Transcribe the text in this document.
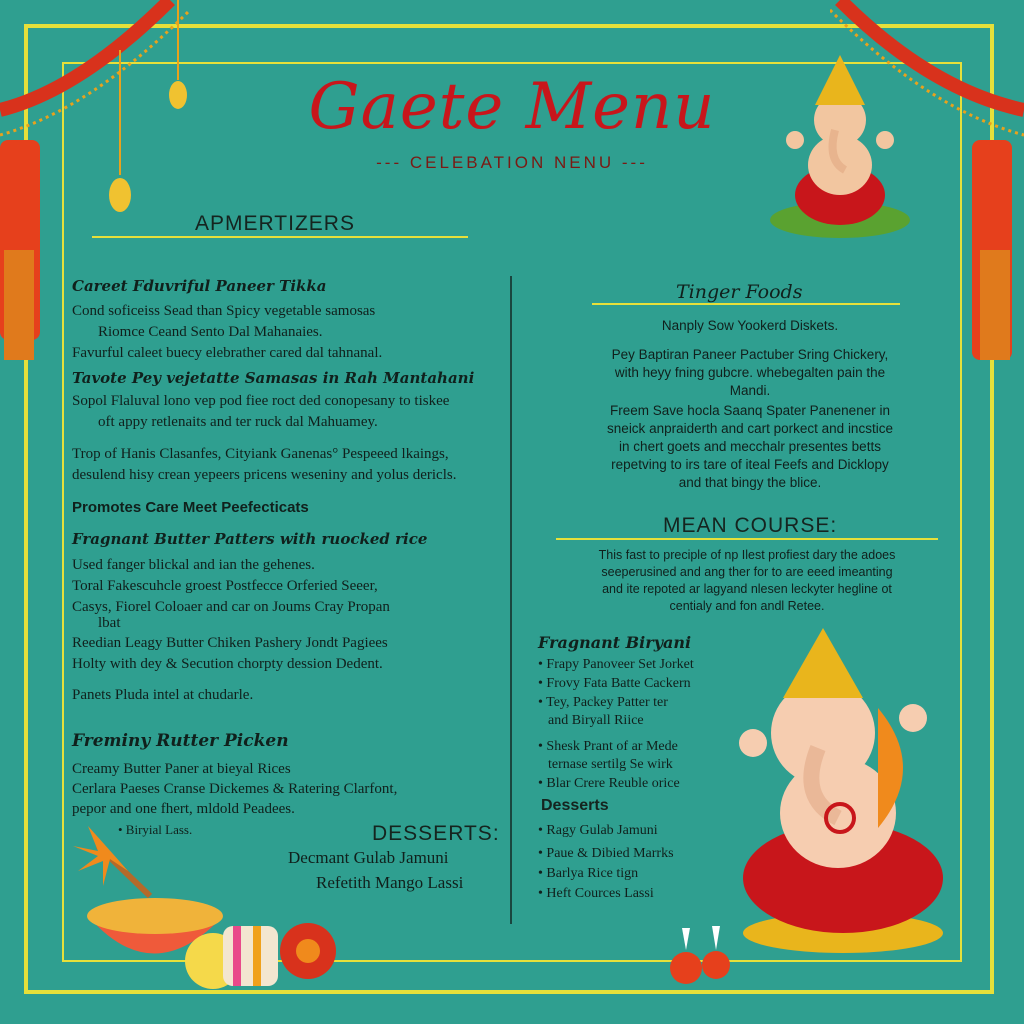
Gaete Menu
--- CELEBATION NENU ---
APMERTIZERS
Careet Fduvriful Paneer Tikka
Cond soficeiss Sead than Spicy vegetable samosas
Riomce Ceand Sento Dal Mahanaies.
Favurful caleet buecy elebrather cared dal tahnanal.
Tavote Pey vejetatte Samasas in Rah Mantahani
Sopol Flaluval lono vep pod fiee roct ded conopesany to tiskee
oft appy retlenaits and ter ruck dal Mahuamey.
Trop of Hanis Clasanfes, Cityiank Ganenas° Pespeeed lkaings,
desulend hisy crean yepeers pricens weseniny and yolus dericls.
Promotes Care Meet Peefecticats
Fragnant Butter Patters with ruocked rice
Used fanger blickal and ian the gehenes.
Toral Fakescuhcle groest Postfecce Orferied Seeer,
Casys, Fiorel Coloaer and car on Joums Cray Propan
lbat
Reedian Leagy Butter Chiken Pashery Jondt Pagiees
Holty with dey & Secution chorpty dession Dedent.
Panets Pluda intel at chudarle.
Freminy Rutter Picken
Creamy Butter Paner at bieyal Rices
Cerlara Paeses Cranse Dickemes & Ratering Clarfont,
pepor and one fhert, mldold Peadees.
• Biryial Lass.	DESSERTS:
Decmant Gulab Jamuni
Refetith Mango Lassi
Tinger Foods
Nanply Sow Yookerd Diskets.
Pey Baptiran Paneer Pactuber Sring Chickery,
with heyy fning gubcre. whebegalten pain the
Mandi.
Freem Save hocla Saanq Spater Panenener in
sneick anpraiderth and cart porkect and incstice
in chert goets and mecchalr presentes betts
repetving to irs tare of iteal Feefs and Dicklopy
and that bingy the blice.
MEAN COURSE:
This fast to preciple of np Ilest profiest dary the adoes
seeperusined and ang ther for to are eeed imeanting
and ite repoted ar lagyand nlesen leckyter hegline ot
centialy and fon andl Retee.
Fragnant Biryani
• Frapy Panoveer Set Jorket
• Frovy Fata Batte Cackern
• Tey, Packey Patter ter
and Biryall Riice
• Shesk Prant of ar Mede
ternase sertilg Se wirk
• Blar Crere Reuble orice
Desserts
• Ragy Gulab Jamuni
• Paue & Dibied Marrks
• Barlya Rice tign
• Heft Cources Lassi
